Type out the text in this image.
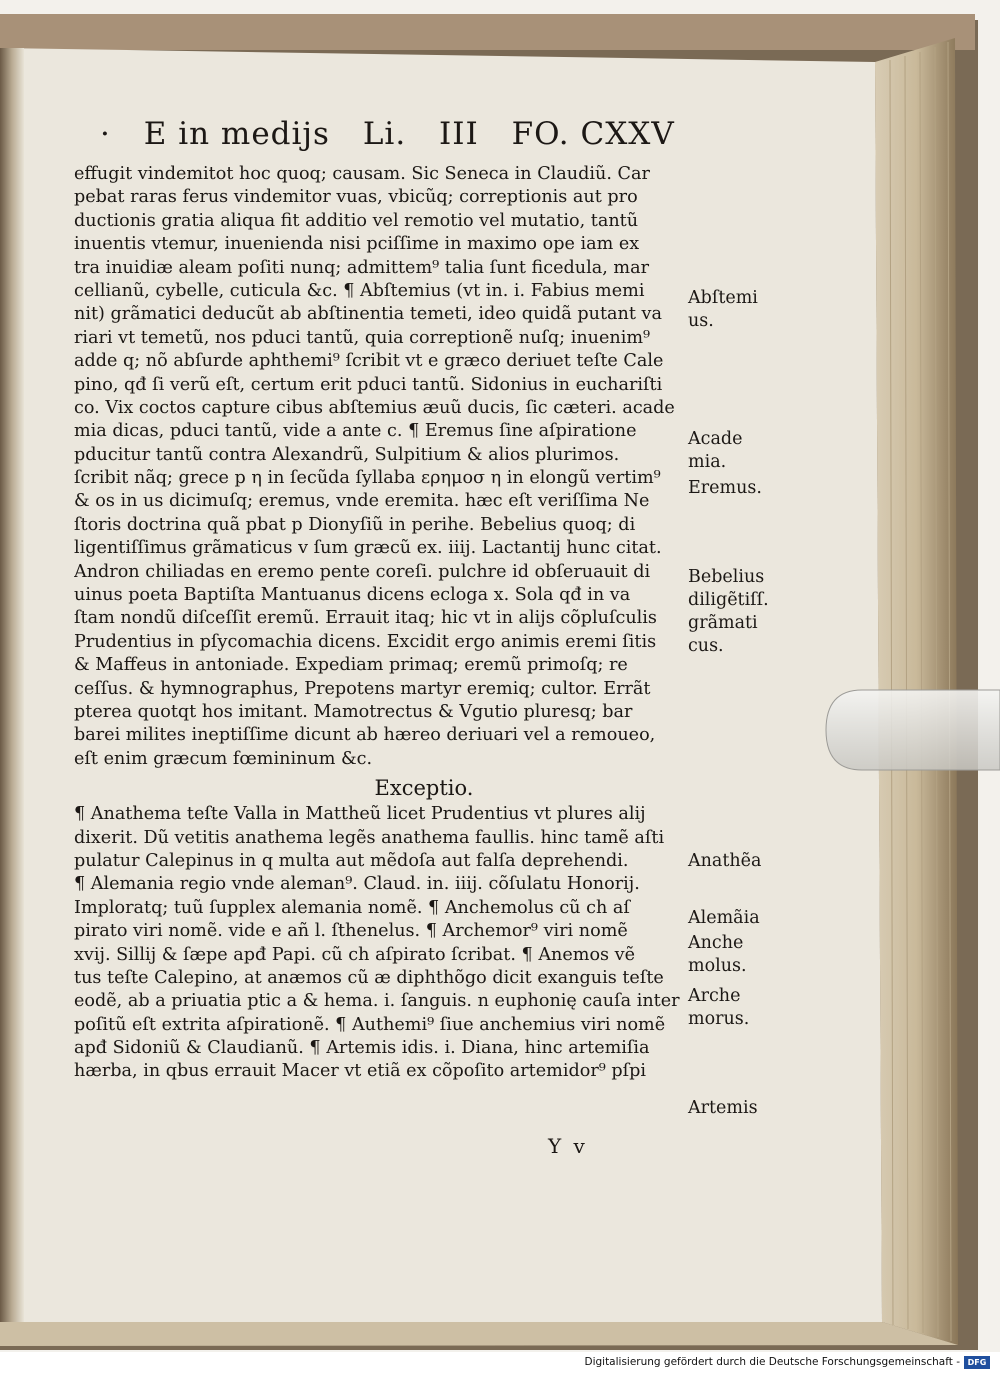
· E in medijs Li. III FO. CXXV
effugit vindemitot hoc quoq; causam. Sic Seneca in Claudiũ. Car
pebat raras ferus vindemitor vuas, vbicũq; correptionis aut pro
ductionis gratia aliqua fit additio vel remotio vel mutatio, tantũ
inuentis vtemur, inuenienda nisi pciſſime in maximo ope iam ex
tra inuidiæ aleam poſiti nunq; admittem⁹ talia ſunt ficedula, mar
cellianũ, cybelle, cuticula &c. ¶ Abſtemius (vt in. i. Fabius memi
nit) grãmatici deducũt ab abſtinentia temeti, ideo quidã putant va
riari vt temetũ, nos pduci tantũ, quia correptionẽ nuſq; inuenim⁹
adde q; nõ abſurde aphthemi⁹ ſcribit vt e græco deriuet teſte Cale
pino, qđ ſi verũ eſt, certum erit pduci tantũ. Sidonius in euchariſti
co. Vix coctos capture cibus abſtemius æuũ ducis, ſic cæteri. acade
mia dicas, pduci tantũ, vide a ante c. ¶ Eremus ſine aſpiratione
pducitur tantũ contra Alexandrũ, Sulpitium & alios plurimos.
ſcribit nãq; grece p η in ſecũda ſyllaba ερημοσ η in elongũ vertim⁹
& os in us dicimuſq; eremus, vnde eremita. hæc eſt veriſſima Ne
ſtoris doctrina quã pbat p Dionyſiũ in perihe. Bebelius quoq; di
ligentiſſimus grãmaticus v ſum græcũ ex. iiij. Lactantij hunc citat.
Andron chiliadas en eremo pente coreſi. pulchre id obſeruauit di
uinus poeta Baptiſta Mantuanus dicens ecloga x. Sola qđ in va
ſtam nondũ diſceſſit eremũ. Errauit itaq; hic vt in alijs cõpluſculis
Prudentius in pſycomachia dicens. Excidit ergo animis eremi ſitis
& Maffeus in antoniade. Expediam primaq; eremũ primoſq; re
ceſſus. & hymnographus, Prepotens martyr eremiq; cultor. Errãt
pterea quotqt hos imitant. Mamotrectus & Vgutio pluresq; bar
barei milites ineptiſſime dicunt ab hæreo deriuari vel a remoueo,
eſt enim græcum fœmininum &c.
Exceptio.
¶ Anathema teſte Valla in Mattheũ licet Prudentius vt plures alij
dixerit. Dũ vetitis anathema legẽs anathema faullis. hinc tamẽ aſti
pulatur Calepinus in q multa aut mẽdoſa aut falſa deprehendi.
¶ Alemania regio vnde aleman⁹. Claud. in. iiij. cõſulatu Honorij.
Imploratq; tuũ ſupplex alemania nomẽ. ¶ Anchemolus cũ ch aſ
pirato viri nomẽ. vide e añ l. ſthenelus. ¶ Archemor⁹ viri nomẽ
xvij. Sillij & ſæpe apđ Papi. cũ ch aſpirato ſcribat. ¶ Anemos vẽ
tus teſte Calepino, at anæmos cũ æ diphthõgo dicit exanguis teſte
eodẽ, ab a priuatia ptic a & hema. i. ſanguis. n euphonię cauſa inter
poſitũ eſt extrita aſpirationẽ. ¶ Authemi⁹ ſiue anchemius viri nomẽ
apđ Sidoniũ & Claudianũ. ¶ Artemis idis. i. Diana, hinc artemiſia
hærba, in qbus errauit Macer vt etiã ex cõpoſito artemidor⁹ pſpi
Abſtemi
us.
Acade
mia.
Eremus.
Bebelius
diligẽtiſſ.
grãmati
cus.
Anathẽa
Alemãia
Anche
molus.
Arche
morus.
Artemis
Y v
Digitalisierung gefördert durch die Deutsche Forschungsgemeinschaft - DFG
